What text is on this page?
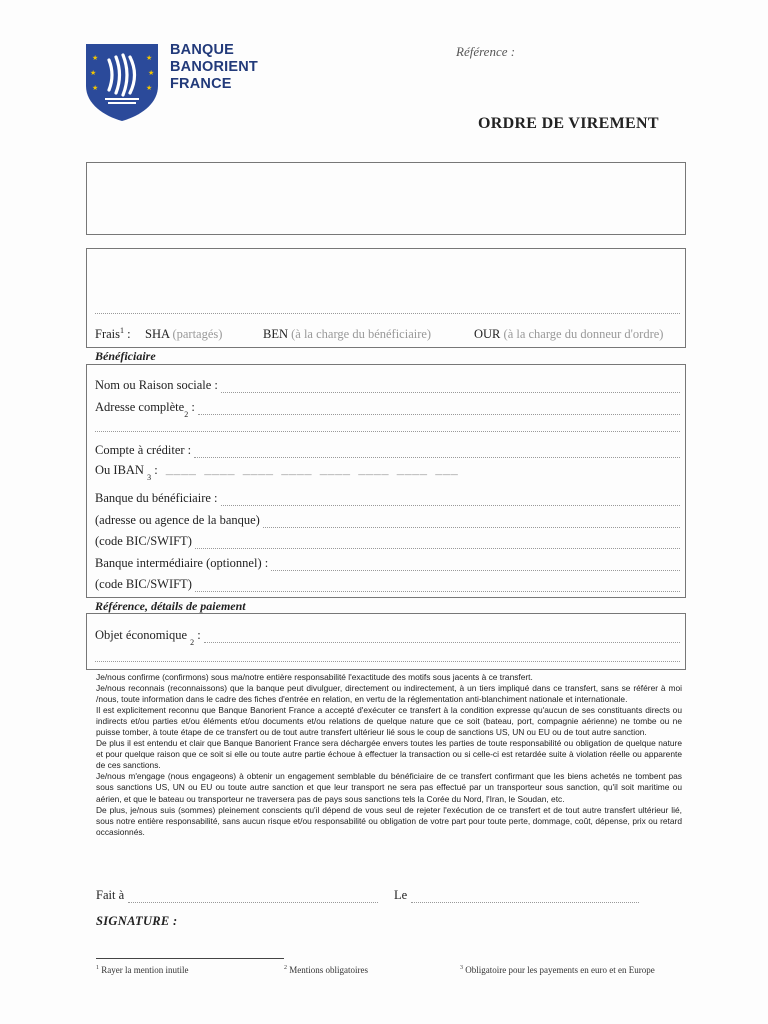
★
★
★
★
★
★
BANQUE
BANORIENT
FRANCE
Référence :
ORDRE DE VIREMENT
Frais$^1$ : SHA (partagés)	BEN (à la charge du bénéficiaire)	OUR (à la charge du donneur d'ordre)
Bénéficiaire
Nom ou Raison sociale :
Adresse complète
2
:
Compte à créditer :
Ou IBAN

3
: ____ ____ ____ ____ ____ ____ ____ ___
Banque du bénéficiaire :
(adresse ou agence de la banque)
(code BIC/SWIFT)
Banque intermédiaire (optionnel) :
(code BIC/SWIFT)
Référence, détails de paiement
Objet économique

2
:

Je/nous confirme (confirmons) sous ma/notre entière responsabilité l'exactitude des motifs sous jacents à ce transfert.

Je/nous reconnais (reconnaissons) que la banque peut divulguer, directement ou indirectement, à un tiers impliqué dans ce transfert, sans se référer à moi /nous, toute information dans le cadre des fiches d'entrée en relation, en vertu de la réglementation anti-blanchiment nationale et internationale.

Il est explicitement reconnu que Banque Banorient France a accepté d'exécuter ce transfert à la condition expresse qu'aucun de ses constituants directs ou indirects et/ou parties et/ou éléments et/ou documents et/ou relations de quelque nature que ce soit (bateau, port, compagnie aérienne) ne tombe ou ne puisse tomber, à toute étape de ce transfert ou de tout autre transfert ultérieur lié sous le coup de sanctions US, UN ou EU ou de tout autre sanction.

De plus il est entendu et clair que Banque Banorient France sera déchargée envers toutes les parties de toute responsabilité ou obligation de quelque nature et pour quelque raison que ce soit si elle ou toute autre partie échoue à effectuer la transaction ou si celle-ci est retardée suite à violation réelle ou apparente de ces sanctions.

Je/nous m'engage (nous engageons) à obtenir un engagement semblable du bénéficiaire de ce transfert confirmant que les biens achetés ne tombent pas sous sanctions US, UN ou EU ou toute autre sanction et que leur transport ne sera pas effectué par un transporteur sous sanction, qu'il soit maritime ou aérien, et que le bateau ou transporteur ne traversera pas de pays sous sanctions tels la Corée du Nord, l'Iran, le Soudan, etc.

De plus, je/nous suis (sommes) pleinement conscients qu'il dépend de vous seul de rejeter l'exécution de ce transfert et de tout autre transfert ultérieur lié, sous notre entière responsabilité, sans aucun risque et/ou responsabilité ou obligation de votre part pour toute perte, dommage, coût, dépense, prix ou retard occasionnés.

Fait à	Le
SIGNATURE :
$^1$ Rayer la mention inutile	$^2$ Mentions obligatoires	$^3$ Obligatoire pour les payements en euro et en Europe
